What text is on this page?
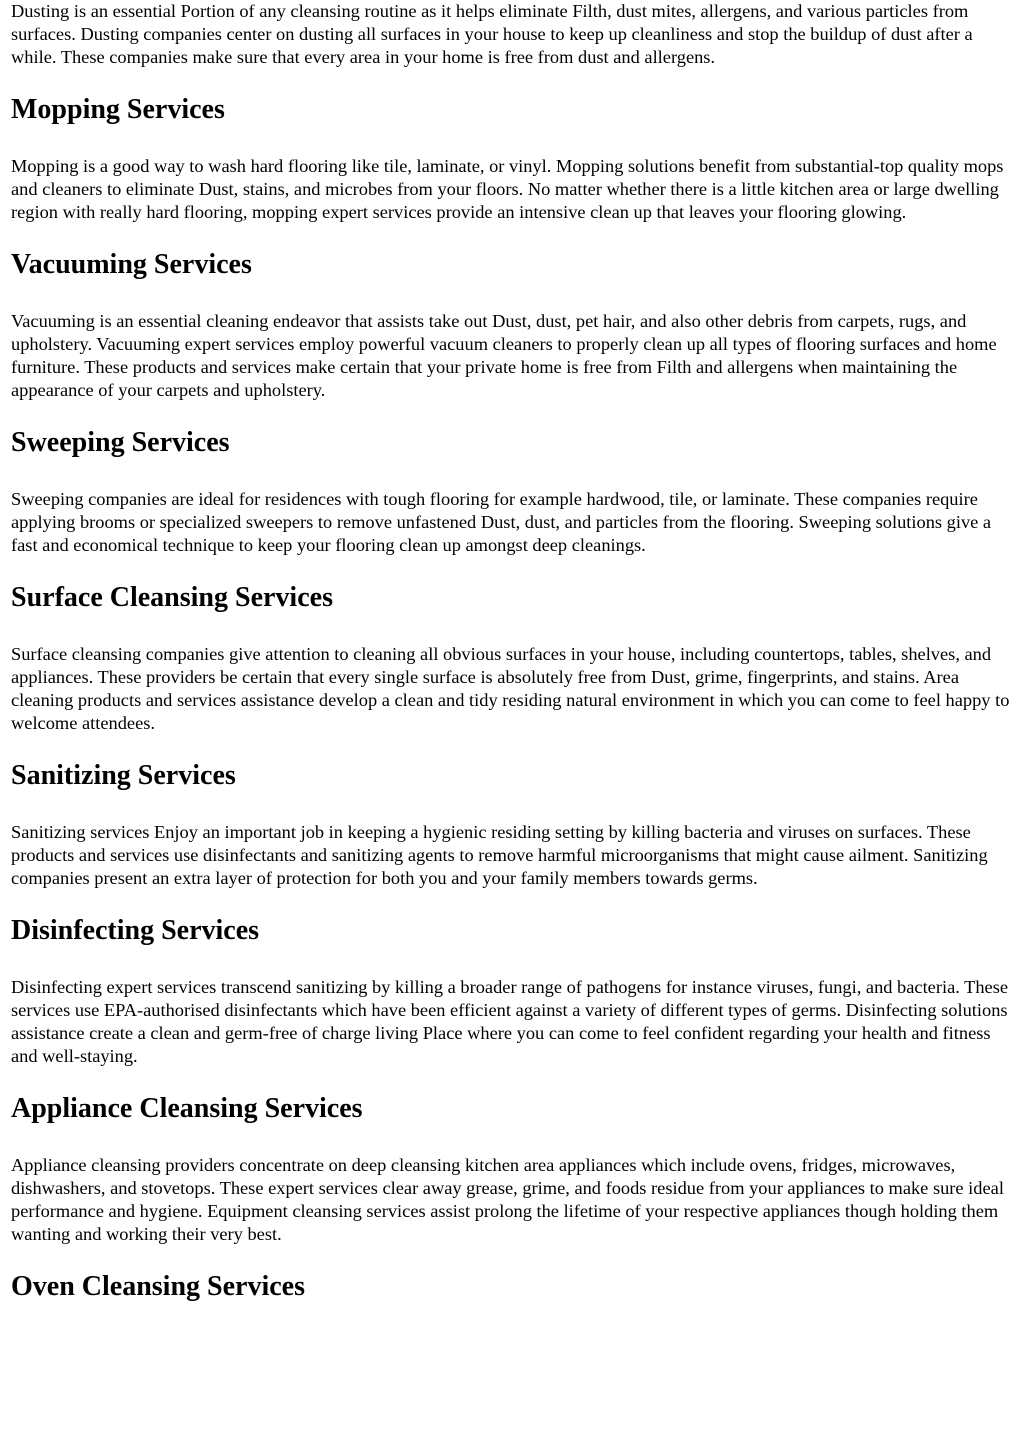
Dusting is an essential Portion of any cleansing routine as it helps eliminate Filth, dust mites, allergens, and various particles from surfaces. Dusting companies center on dusting all surfaces in your house to keep up cleanliness and stop the buildup of dust after a while. These companies make sure that every area in your home is free from dust and allergens.

Mopping Services

Mopping is a good way to wash hard flooring like tile, laminate, or vinyl. Mopping solutions benefit from substantial-top quality mops and cleaners to eliminate Dust, stains, and microbes from your floors. No matter whether there is a little kitchen area or large dwelling region with really hard flooring, mopping expert services provide an intensive clean up that leaves your flooring glowing.

Vacuuming Services

Vacuuming is an essential cleaning endeavor that assists take out Dust, dust, pet hair, and also other debris from carpets, rugs, and upholstery. Vacuuming expert services employ powerful vacuum cleaners to properly clean up all types of flooring surfaces and home furniture. These products and services make certain that your private home is free from Filth and allergens when maintaining the appearance of your carpets and upholstery.

Sweeping Services

Sweeping companies are ideal for residences with tough flooring for example hardwood, tile, or laminate. These companies require applying brooms or specialized sweepers to remove unfastened Dust, dust, and particles from the flooring. Sweeping solutions give a fast and economical technique to keep your flooring clean up amongst deep cleanings.

Surface Cleansing Services

Surface cleansing companies give attention to cleaning all obvious surfaces in your house, including countertops, tables, shelves, and appliances. These providers be certain that every single surface is absolutely free from Dust, grime, fingerprints, and stains. Area cleaning products and services assistance develop a clean and tidy residing natural environment in which you can come to feel happy to welcome attendees.

Sanitizing Services

Sanitizing services Enjoy an important job in keeping a hygienic residing setting by killing bacteria and viruses on surfaces. These products and services use disinfectants and sanitizing agents to remove harmful microorganisms that might cause ailment. Sanitizing companies present an extra layer of protection for both you and your family members towards germs.

Disinfecting Services

Disinfecting expert services transcend sanitizing by killing a broader range of pathogens for instance viruses, fungi, and bacteria. These services use EPA-authorised disinfectants which have been efficient against a variety of different types of germs. Disinfecting solutions assistance create a clean and germ-free of charge living Place where you can come to feel confident regarding your health and fitness and well-staying.

Appliance Cleansing Services

Appliance cleansing providers concentrate on deep cleansing kitchen area appliances which include ovens, fridges, microwaves, dishwashers, and stovetops. These expert services clear away grease, grime, and foods residue from your appliances to make sure ideal performance and hygiene. Equipment cleansing services assist prolong the lifetime of your respective appliances though holding them wanting and working their very best.

Oven Cleansing Services
